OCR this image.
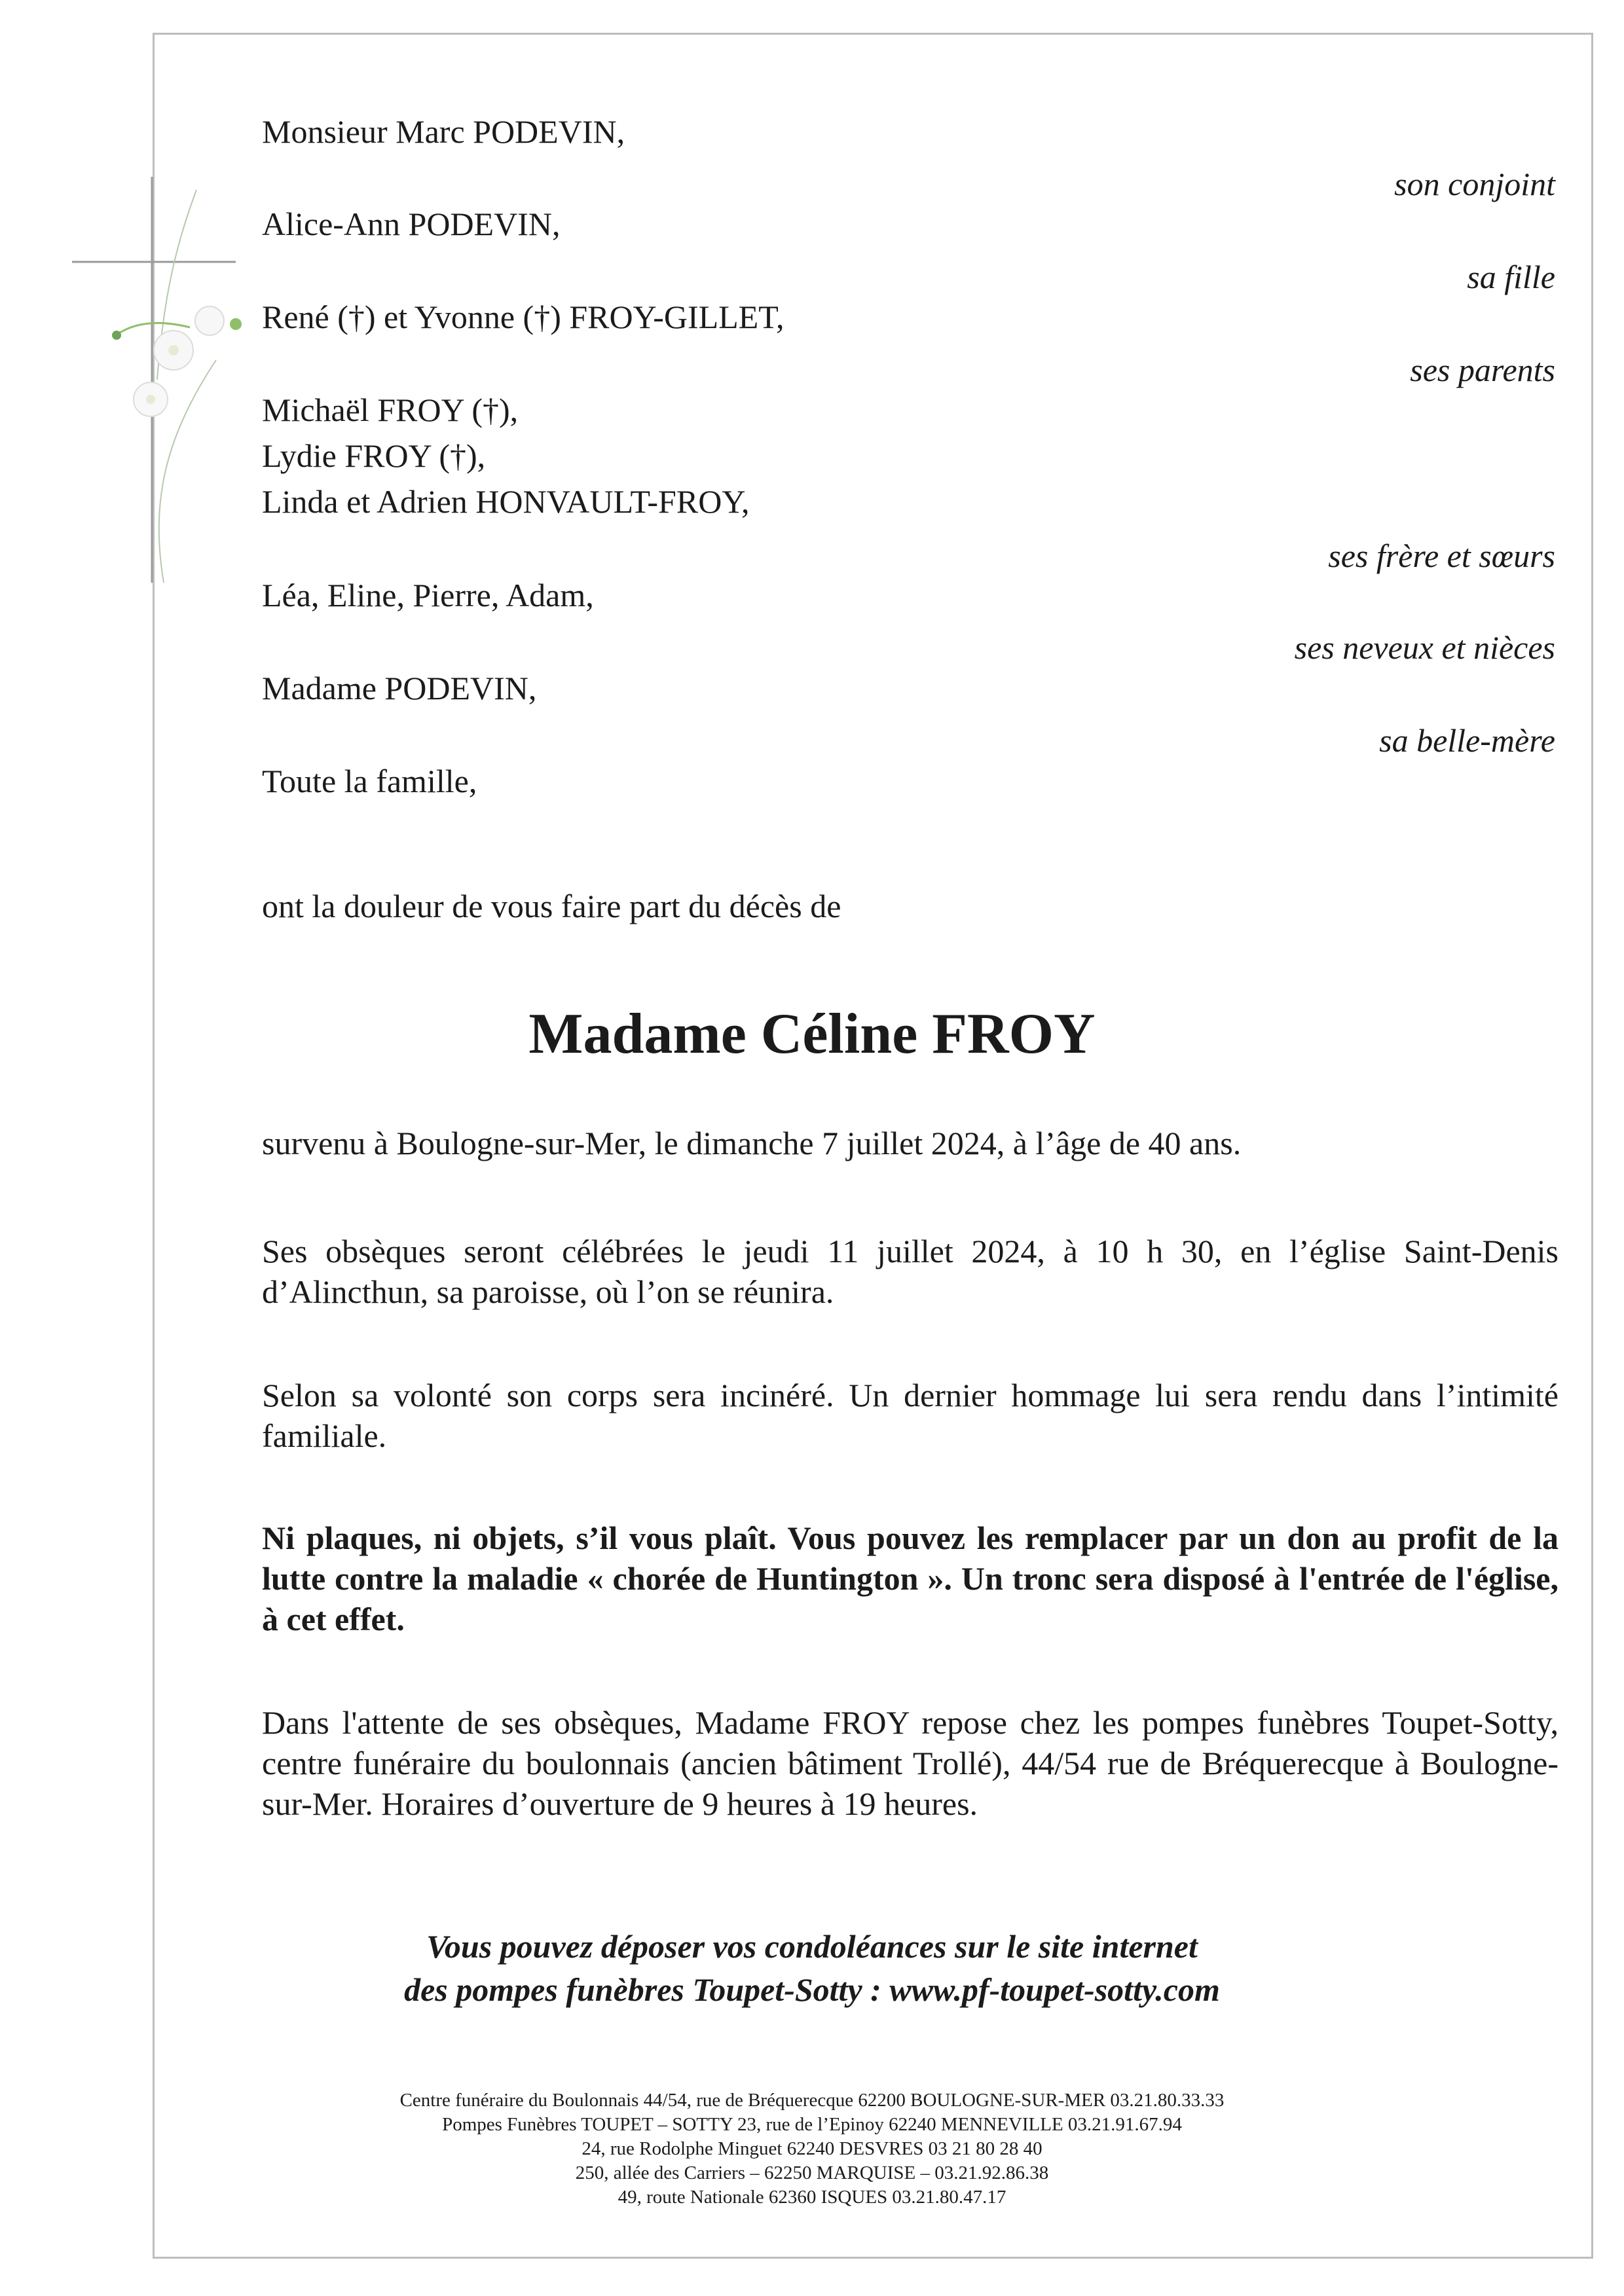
Monsieur Marc PODEVIN,
Alice-Ann PODEVIN,
René (†) et Yvonne (†) FROY-GILLET,
Michaël FROY (†),
Lydie FROY (†),
Linda et Adrien HONVAULT-FROY,
Léa, Eline, Pierre, Adam,
Madame PODEVIN,
Toute la famille,
son conjoint
sa fille
ses parents
ses frère et sœurs
ses neveux et nièces
sa belle-mère
ont la douleur de vous faire part du décès de
Madame Céline FROY
survenu à Boulogne-sur-Mer, le dimanche 7 juillet 2024, à l’âge de 40 ans.
Ses obsèques seront célébrées le jeudi 11 juillet 2024, à 10 h 30, en l’église Saint-Denis d’Alincthun, sa paroisse, où l’on se réunira.
Selon sa volonté son corps sera incinéré. Un dernier hommage lui sera rendu dans l’intimité familiale.
Ni plaques, ni objets, s’il vous plaît. Vous pouvez les remplacer par un don au profit de la lutte contre la maladie « chorée de Huntington ». Un tronc sera disposé à l'entrée de l'église, à cet effet.
Dans l'attente de ses obsèques, Madame FROY repose chez les pompes funèbres Toupet-Sotty, centre funéraire du boulonnais (ancien bâtiment Trollé), 44/54 rue de Bréquerecque à Boulogne-sur-Mer. Horaires d’ouverture de 9 heures à 19 heures.
Vous pouvez déposer vos condoléances sur le site internet
des pompes funèbres Toupet-Sotty : www.pf-toupet-sotty.com
Centre funéraire du Boulonnais 44/54, rue de Bréquerecque 62200 BOULOGNE-SUR-MER 03.21.80.33.33
Pompes Funèbres TOUPET – SOTTY 23, rue de l’Epinoy 62240 MENNEVILLE 03.21.91.67.94
24, rue Rodolphe Minguet 62240 DESVRES 03 21 80 28 40
250, allée des Carriers – 62250 MARQUISE – 03.21.92.86.38
49, route Nationale 62360 ISQUES 03.21.80.47.17
